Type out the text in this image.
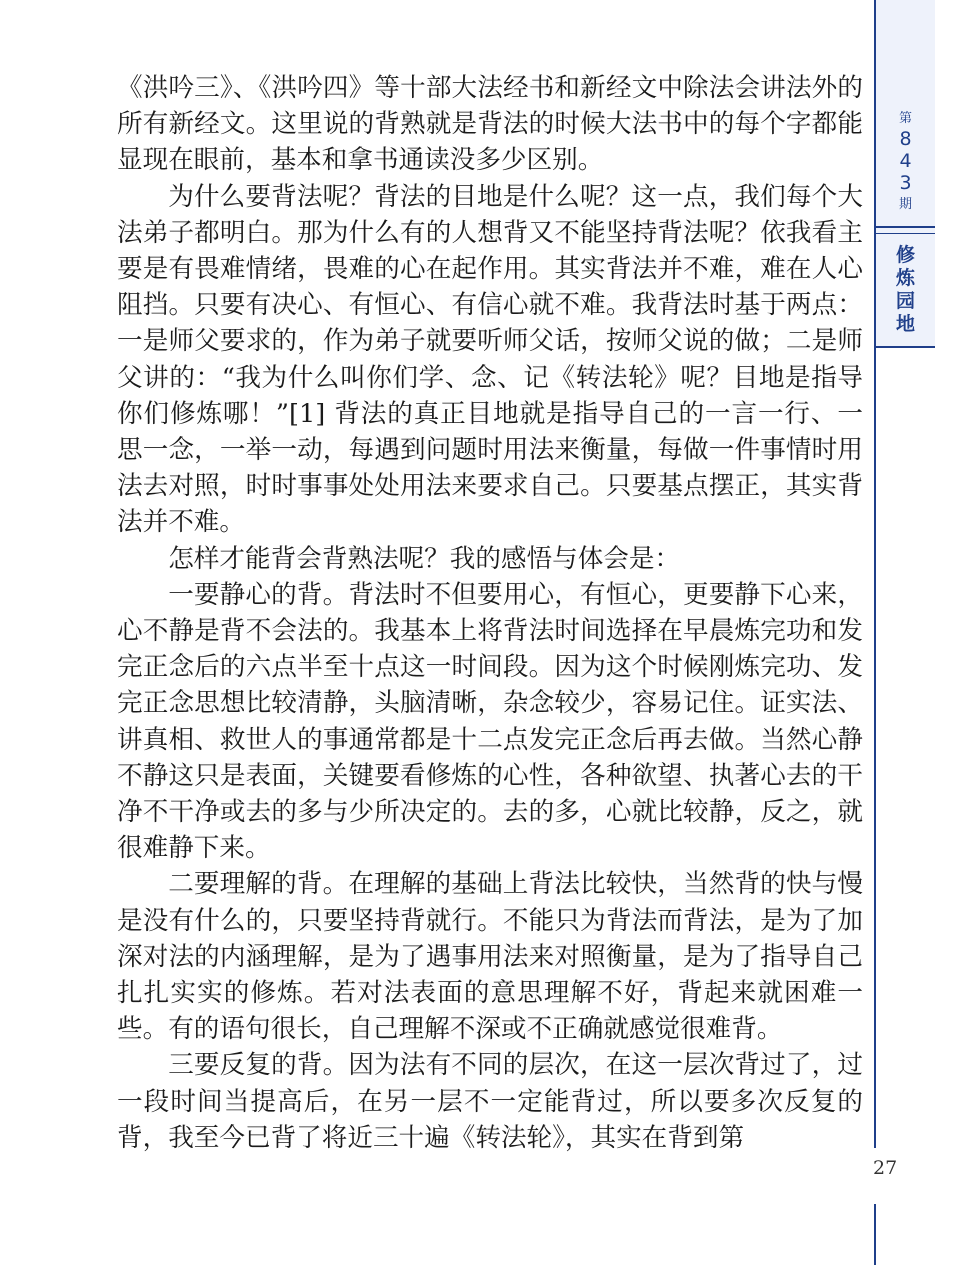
《洪吟三》、《洪吟四》等十部大法经书和新经文中除法会讲法外的所有新经文。这里说的背熟就是背法的时候大法书中的每个字都能显现在眼前，基本和拿书通读没多少区别。

为什么要背法呢？背法的目地是什么呢？这一点，我们每个大法弟子都明白。那为什么有的人想背又不能坚持背法呢？依我看主要是有畏难情绪，畏难的心在起作用。其实背法并不难，难在人心阻挡。只要有决心、有恒心、有信心就不难。我背法时基于两点：一是师父要求的，作为弟子就要听师父话，按师父说的做；二是师父讲的：“我为什么叫你们学、念、记《转法轮》呢？目地是指导你们修炼哪！”[1] 背法的真正目地就是指导自己的一言一行、一思一念，一举一动，每遇到问题时用法来衡量，每做一件事情时用法去对照，时时事事处处用法来要求自己。只要基点摆正，其实背法并不难。

怎样才能背会背熟法呢？我的感悟与体会是：

一要静心的背。背法时不但要用心，有恒心，更要静下心来，心不静是背不会法的。我基本上将背法时间选择在早晨炼完功和发完正念后的六点半至十点这一时间段。因为这个时候刚炼完功、发完正念思想比较清静，头脑清晰，杂念较少，容易记住。证实法、讲真相、救世人的事通常都是十二点发完正念后再去做。当然心静不静这只是表面，关键要看修炼的心性，各种欲望、执著心去的干净不干净或去的多与少所决定的。去的多，心就比较静，反之，就很难静下来。

二要理解的背。在理解的基础上背法比较快，当然背的快与慢是没有什么的，只要坚持背就行。不能只为背法而背法，是为了加深对法的内涵理解，是为了遇事用法来对照衡量，是为了指导自己扎扎实实的修炼。若对法表面的意思理解不好，背起来就困难一些。有的语句很长，自己理解不深或不正确就感觉很难背。

三要反复的背。因为法有不同的层次，在这一层次背过了，过一段时间当提高后，在另一层不一定能背过，所以要多次反复的背，我至今已背了将近三十遍《转法轮》，其实在背到第

第
8
4
3
期
修
炼
园
地
27
